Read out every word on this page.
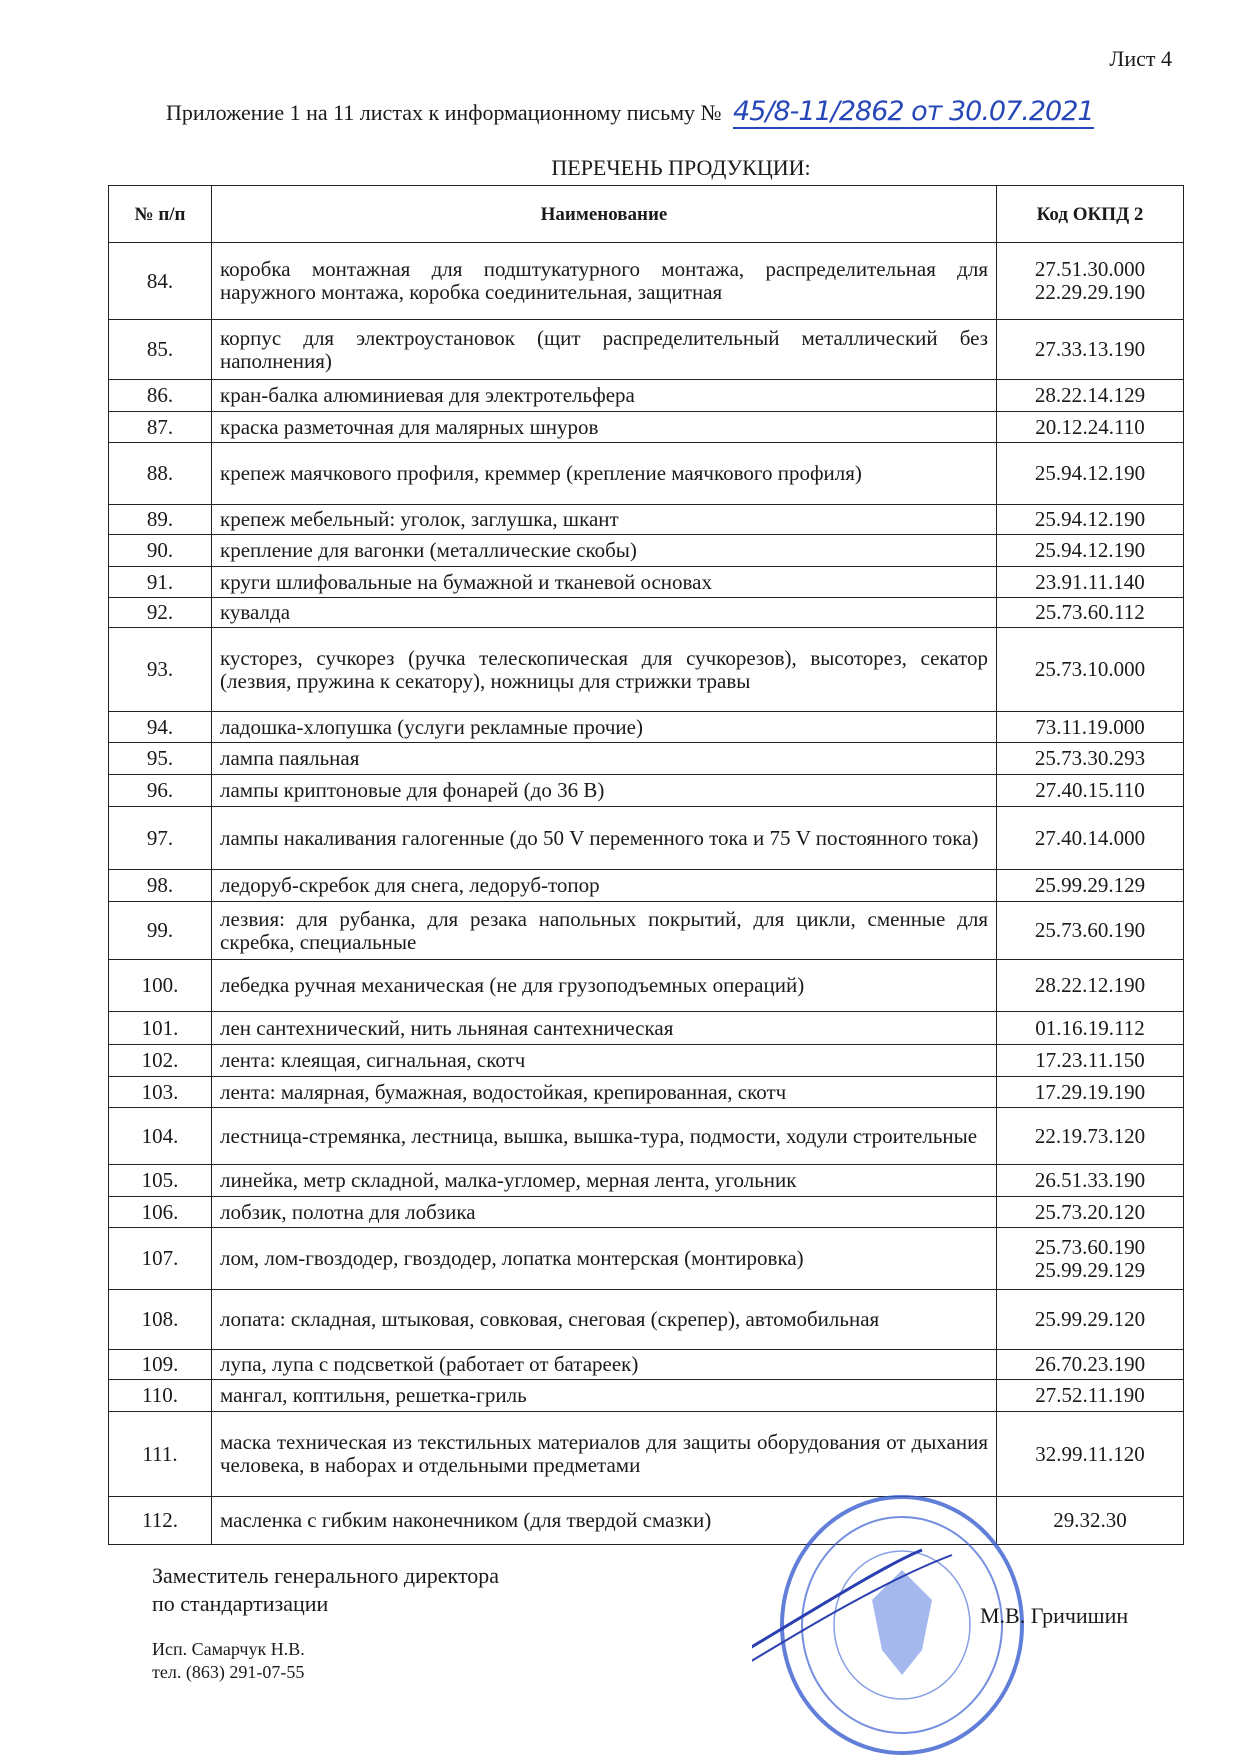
Лист 4
Приложение 1 на 11 листах к информационному письму № 45/8-11/2862 от 30.07.2021
ПЕРЕЧЕНЬ ПРОДУКЦИИ:
№ п/п	Наименование	Код ОКПД 2
84.	коробка монтажная для подштукатурного монтажа, распределительная для наружного монтажа, коробка соединительная, защитная	27.51.30.000
22.29.29.190
85.	корпус для электроустановок (щит распределительный металлический без наполнения)	27.33.13.190
86.	кран-балка алюминиевая для электротельфера	28.22.14.129
87.	краска разметочная для малярных шнуров	20.12.24.110
88.	крепеж маячкового профиля, креммер (крепление маячкового профиля)	25.94.12.190
89.	крепеж мебельный: уголок, заглушка, шкант	25.94.12.190
90.	крепление для вагонки (металлические скобы)	25.94.12.190
91.	круги шлифовальные на бумажной и тканевой основах	23.91.11.140
92.	кувалда	25.73.60.112
93.	кусторез, сучкорез (ручка телескопическая для сучкорезов), высоторез, секатор (лезвия, пружина к секатору), ножницы для стрижки травы	25.73.10.000
94.	ладошка-хлопушка (услуги рекламные прочие)	73.11.19.000
95.	лампа паяльная	25.73.30.293
96.	лампы криптоновые для фонарей (до 36 В)	27.40.15.110
97.	лампы накаливания галогенные (до 50 V переменного тока и 75 V постоянного тока)	27.40.14.000
98.	ледоруб-скребок для снега, ледоруб-топор	25.99.29.129
99.	лезвия: для рубанка, для резака напольных покрытий, для цикли, сменные для скребка, специальные	25.73.60.190
100.	лебедка ручная механическая (не для грузоподъемных операций)	28.22.12.190
101.	лен сантехнический, нить льняная сантехническая	01.16.19.112
102.	лента: клеящая, сигнальная, скотч	17.23.11.150
103.	лента: малярная, бумажная, водостойкая, крепированная, скотч	17.29.19.190
104.	лестница-стремянка, лестница, вышка, вышка-тура, подмости, ходули строительные	22.19.73.120
105.	линейка, метр складной, малка-угломер, мерная лента, угольник	26.51.33.190
106.	лобзик, полотна для лобзика	25.73.20.120
107.	лом, лом-гвоздодер, гвоздодер, лопатка монтерская (монтировка)	25.73.60.190
25.99.29.129
108.	лопата: складная, штыковая, совковая, снеговая (скрепер), автомобильная	25.99.29.120
109.	лупа, лупа с подсветкой (работает от батареек)	26.70.23.190
110.	мангал, коптильня, решетка-гриль	27.52.11.190
111.	маска техническая из текстильных материалов для защиты оборудования от дыхания человека, в наборах и отдельными предметами	32.99.11.120
112.	масленка с гибким наконечником (для твердой смазки)	29.32.30
Заместитель генерального директора
по стандартизации
Исп. Самарчук Н.В.
тел. (863) 291-07-55
М.В. Гричишин
